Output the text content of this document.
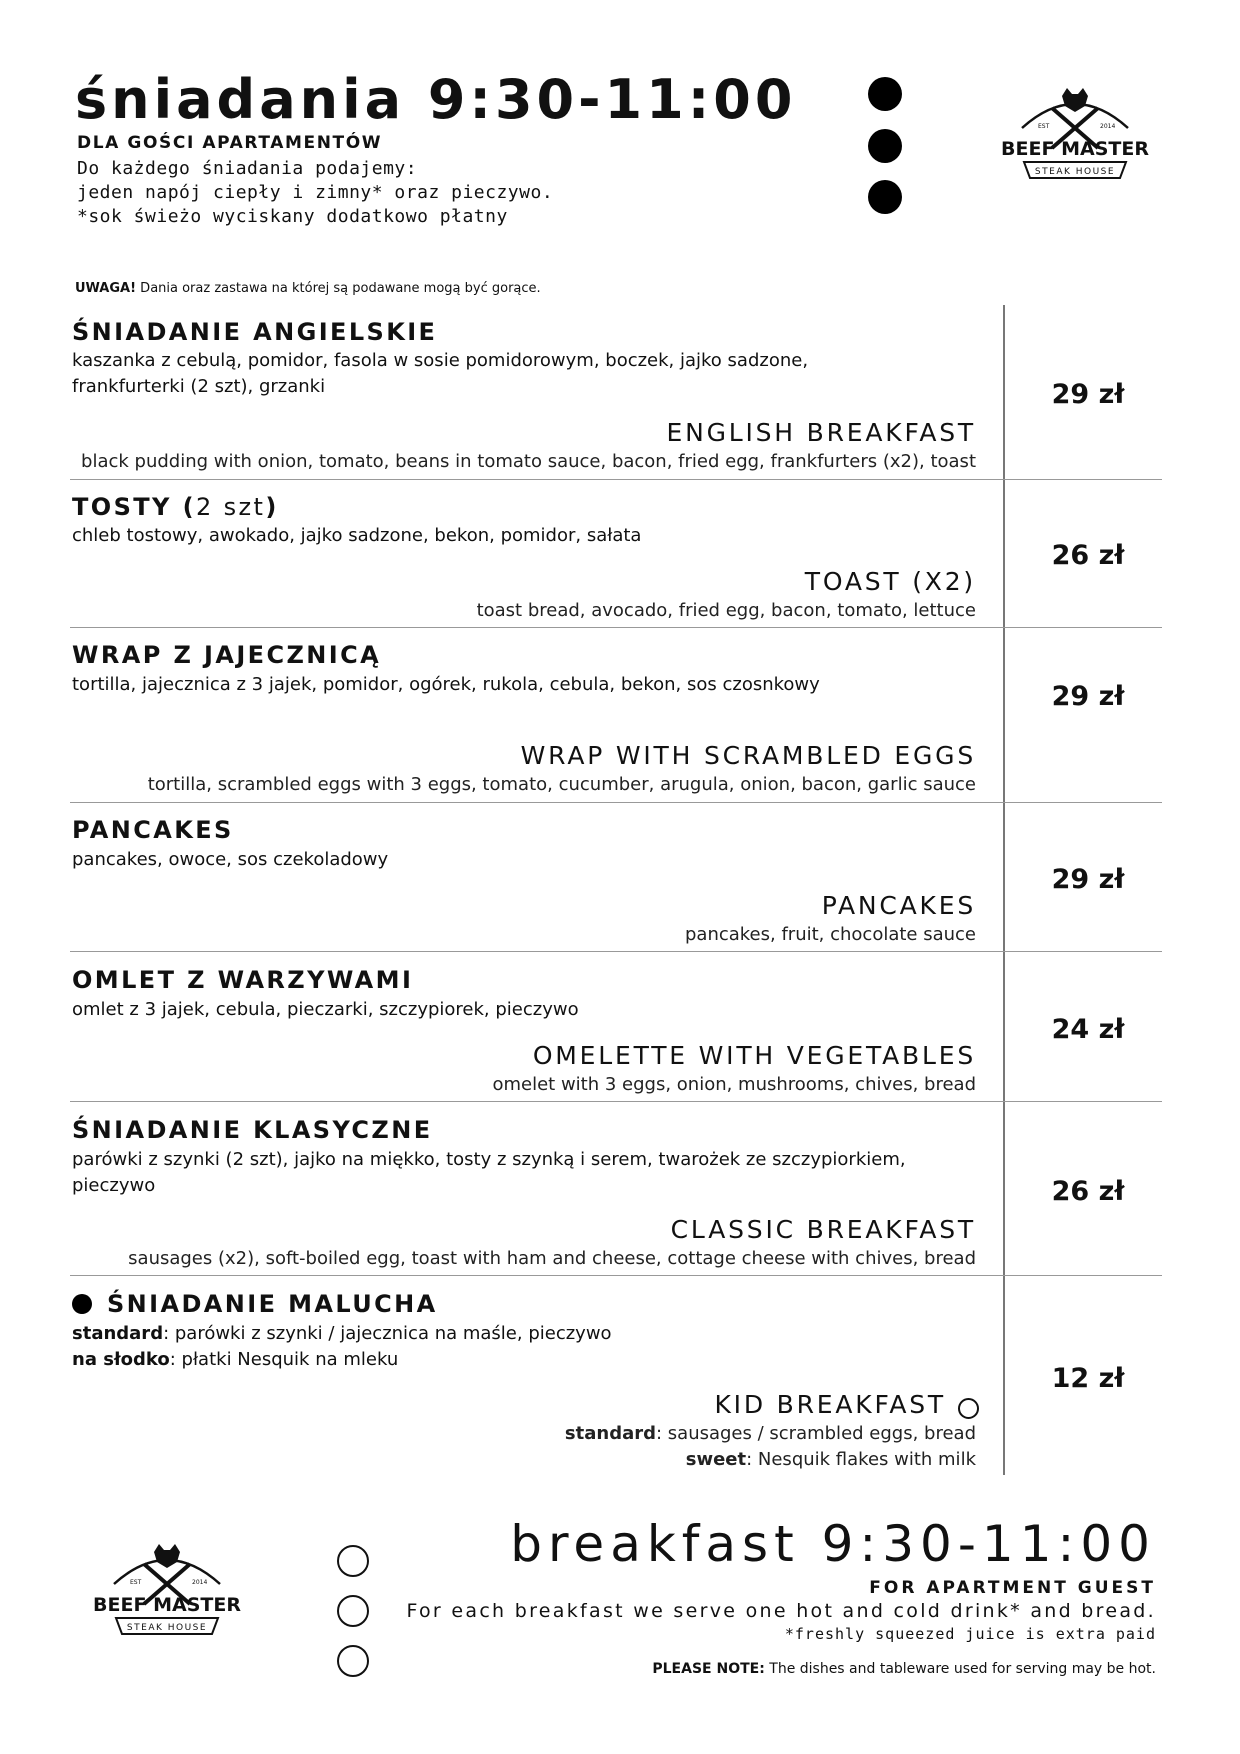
śniadania 9:30-11:00
DLA GOŚCI APARTAMENTÓW
Do każdego śniadania podajemy:
jeden napój ciepły i zimny* oraz pieczywo.
*sok świeżo wyciskany dodatkowo płatny
UWAGA! Dania oraz zastawa na której są podawane mogą być gorące.
EST	2014
BEEF MASTER
STEAK HOUSE
ŚNIADANIE ANGIELSKIE
kaszanka z cebulą, pomidor, fasola w sosie pomidorowym, boczek, jajko sadzone, frankfurterki (2 szt), grzanki
ENGLISH BREAKFAST
black pudding with onion, tomato, beans in tomato sauce, bacon, fried egg, frankfurters (x2), toast
29 zł
TOSTY (2 szt)
chleb tostowy, awokado, jajko sadzone, bekon, pomidor, sałata
TOAST (X2)
toast bread, avocado, fried egg, bacon, tomato, lettuce
26 zł
WRAP Z JAJECZNICĄ
tortilla, jajecznica z 3 jajek, pomidor, ogórek, rukola, cebula, bekon, sos czosnkowy
WRAP WITH SCRAMBLED EGGS
tortilla, scrambled eggs with 3 eggs, tomato, cucumber, arugula, onion, bacon, garlic sauce
29 zł
PANCAKES
pancakes, owoce, sos czekoladowy
PANCAKES
pancakes, fruit, chocolate sauce
29 zł
OMLET Z WARZYWAMI
omlet z 3 jajek, cebula, pieczarki, szczypiorek, pieczywo
OMELETTE WITH VEGETABLES
omelet with 3 eggs, onion, mushrooms, chives, bread
24 zł
ŚNIADANIE KLASYCZNE
parówki z szynki (2 szt), jajko na miękko, tosty z szynką i serem, twarożek ze szczypiorkiem, pieczywo
CLASSIC BREAKFAST
sausages (x2), soft-boiled egg, toast with ham and cheese, cottage cheese with chives, bread
26 zł
ŚNIADANIE MALUCHA
standard: parówki z szynki / jajecznica na maśle, pieczywo
na słodko: płatki Nesquik na mleku
KID BREAKFAST
standard: sausages / scrambled eggs, bread
sweet: Nesquik flakes with milk
12 zł
EST	2014
BEEF MASTER
STEAK HOUSE
breakfast 9:30-11:00
FOR APARTMENT GUEST
For each breakfast we serve one hot and cold drink* and bread.
*freshly squeezed juice is extra paid
PLEASE NOTE: The dishes and tableware used for serving may be hot.
